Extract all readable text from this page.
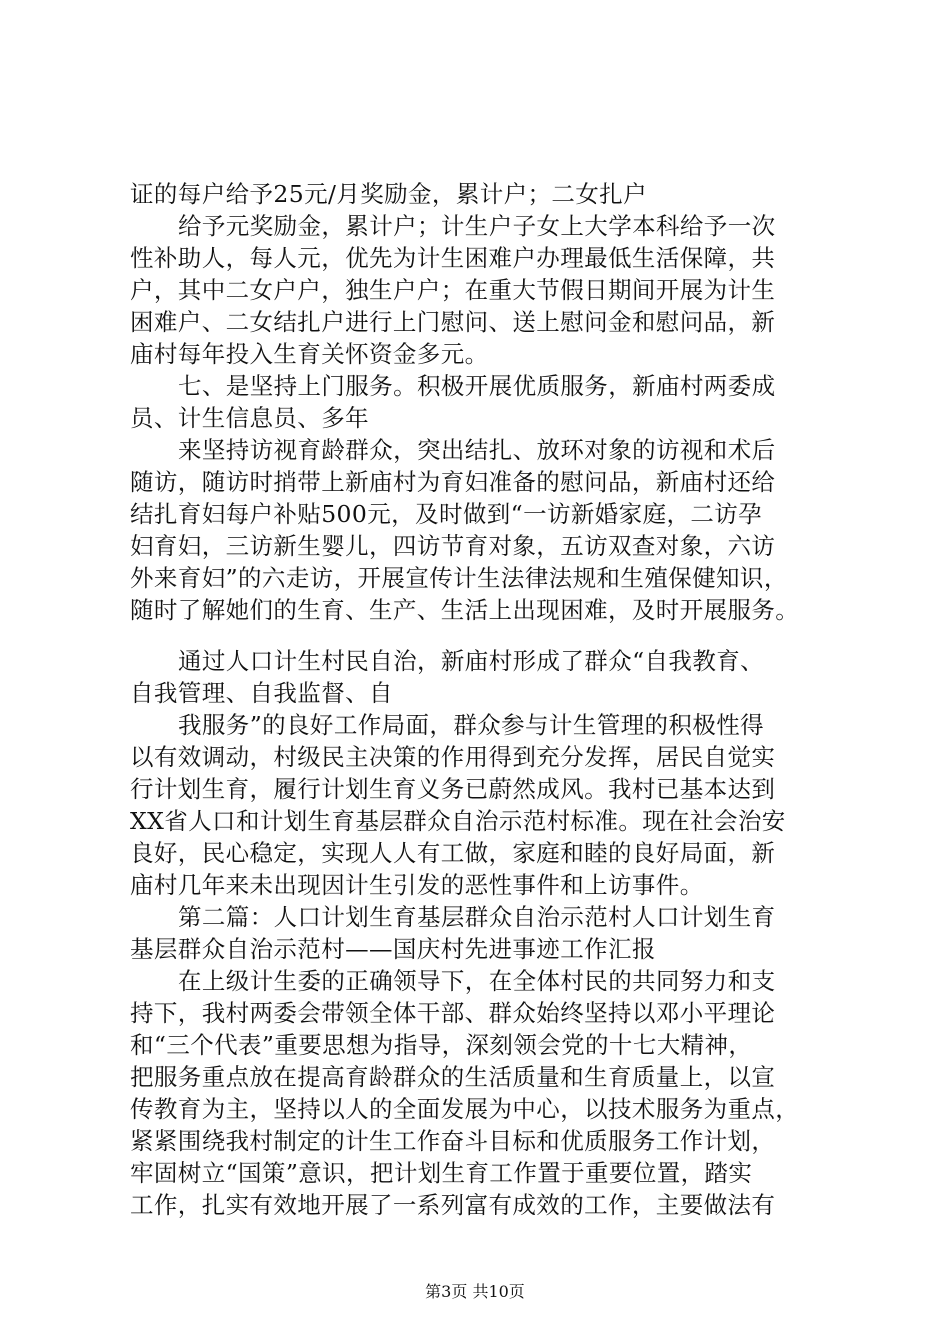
证的每户给予25元/月奖励金，累计户；二女扎户
给予元奖励金，累计户；计生户子女上大学本科给予一次
性补助人，每人元，优先为计生困难户办理最低生活保障，共
户，其中二女户户，独生户户；在重大节假日期间开展为计生
困难户、二女结扎户进行上门慰问、送上慰问金和慰问品，新
庙村每年投入生育关怀资金多元。
七、是坚持上门服务。积极开展优质服务，新庙村两委成
员、计生信息员、多年
来坚持访视育龄群众，突出结扎、放环对象的访视和术后
随访，随访时捎带上新庙村为育妇准备的慰问品，新庙村还给
结扎育妇每户补贴500元，及时做到“一访新婚家庭，二访孕
妇育妇，三访新生婴儿，四访节育对象，五访双查对象，六访
外来育妇”的六走访，开展宣传计生法律法规和生殖保健知识，
随时了解她们的生育、生产、生活上出现困难，及时开展服务。
通过人口计生村民自治，新庙村形成了群众“自我教育、
自我管理、自我监督、自
我服务”的良好工作局面，群众参与计生管理的积极性得
以有效调动，村级民主决策的作用得到充分发挥，居民自觉实
行计划生育，履行计划生育义务已蔚然成风。我村已基本达到
XX省人口和计划生育基层群众自治示范村标准。现在社会治安
良好，民心稳定，实现人人有工做，家庭和睦的良好局面，新
庙村几年来未出现因计生引发的恶性事件和上访事件。
第二篇：人口计划生育基层群众自治示范村人口计划生育
基层群众自治示范村——国庆村先进事迹工作汇报
在上级计生委的正确领导下，在全体村民的共同努力和支
持下，我村两委会带领全体干部、群众始终坚持以邓小平理论
和“三个代表”重要思想为指导，深刻领会党的十七大精神，
把服务重点放在提高育龄群众的生活质量和生育质量上，以宣
传教育为主，坚持以人的全面发展为中心，以技术服务为重点，
紧紧围绕我村制定的计生工作奋斗目标和优质服务工作计划，
牢固树立“国策”意识，把计划生育工作置于重要位置，踏实
工作，扎实有效地开展了一系列富有成效的工作，主要做法有
第3页 共10页
